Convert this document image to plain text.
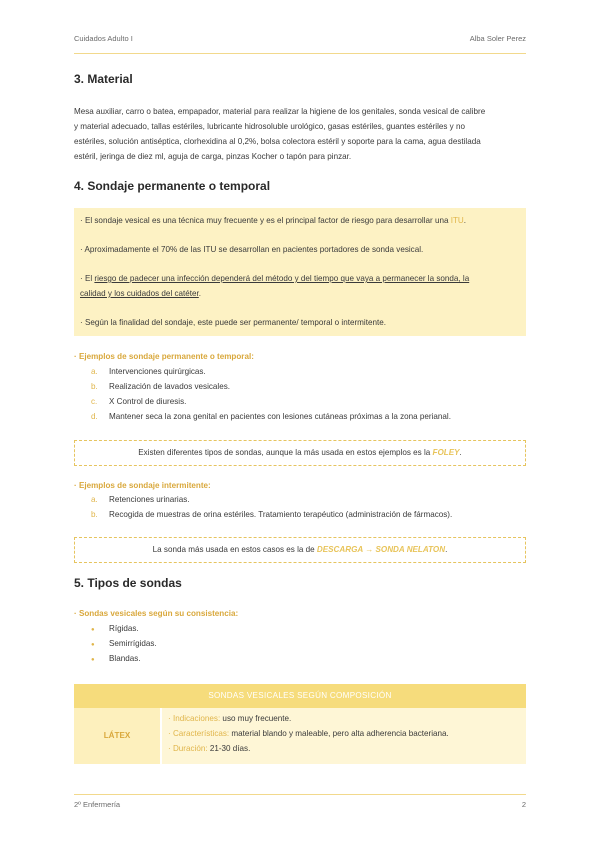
Cuidados Adulto I	Alba Soler Perez
3. Material
Mesa auxiliar, carro o batea, empapador, material para realizar la higiene de los genitales, sonda vesical de calibre
y material adecuado, tallas estériles, lubricante hidrosoluble urológico, gasas estériles, guantes estériles y no
estériles, solución antiséptica, clorhexidina al 0,2%, bolsa colectora estéril y soporte para la cama, agua destilada
estéril, jeringa de diez ml, aguja de carga, pinzas Kocher o tapón para pinzar.
4. Sondaje permanente o temporal
· El sondaje vesical es una técnica muy frecuente y es el principal factor de riesgo para desarrollar una ITU.
· Aproximadamente el 70% de las ITU se desarrollan en pacientes portadores de sonda vesical.
· El riesgo de padecer una infección dependerá del método y del tiempo que vaya a permanecer la sonda, la
calidad y los cuidados del catéter.
· Según la finalidad del sondaje, este puede ser permanente/ temporal o intermitente.
· Ejemplos de sondaje permanente o temporal:
a. Intervenciones quirúrgicas.
b. Realización de lavados vesicales.
c. X Control de diuresis.
d. Mantener seca la zona genital en pacientes con lesiones cutáneas próximas a la zona perianal.
Existen diferentes tipos de sondas, aunque la más usada en estos ejemplos es la FOLEY.
· Ejemplos de sondaje intermitente:
a. Retenciones urinarias.
b. Recogida de muestras de orina estériles. Tratamiento terapéutico (administración de fármacos).
La sonda más usada en estos casos es la de DESCARGA → SONDA NELATON.
5. Tipos de sondas
· Sondas vesicales según su consistencia:
● Rígidas.
● Semirrígidas.
● Blandas.
SONDAS VESICALES SEGÚN COMPOSICIÓN
LÁTEX
· Indicaciones: uso muy frecuente.
· Características: material blando y maleable, pero alta adherencia bacteriana.
· Duración: 21-30 días.
2º Enfermería	2
